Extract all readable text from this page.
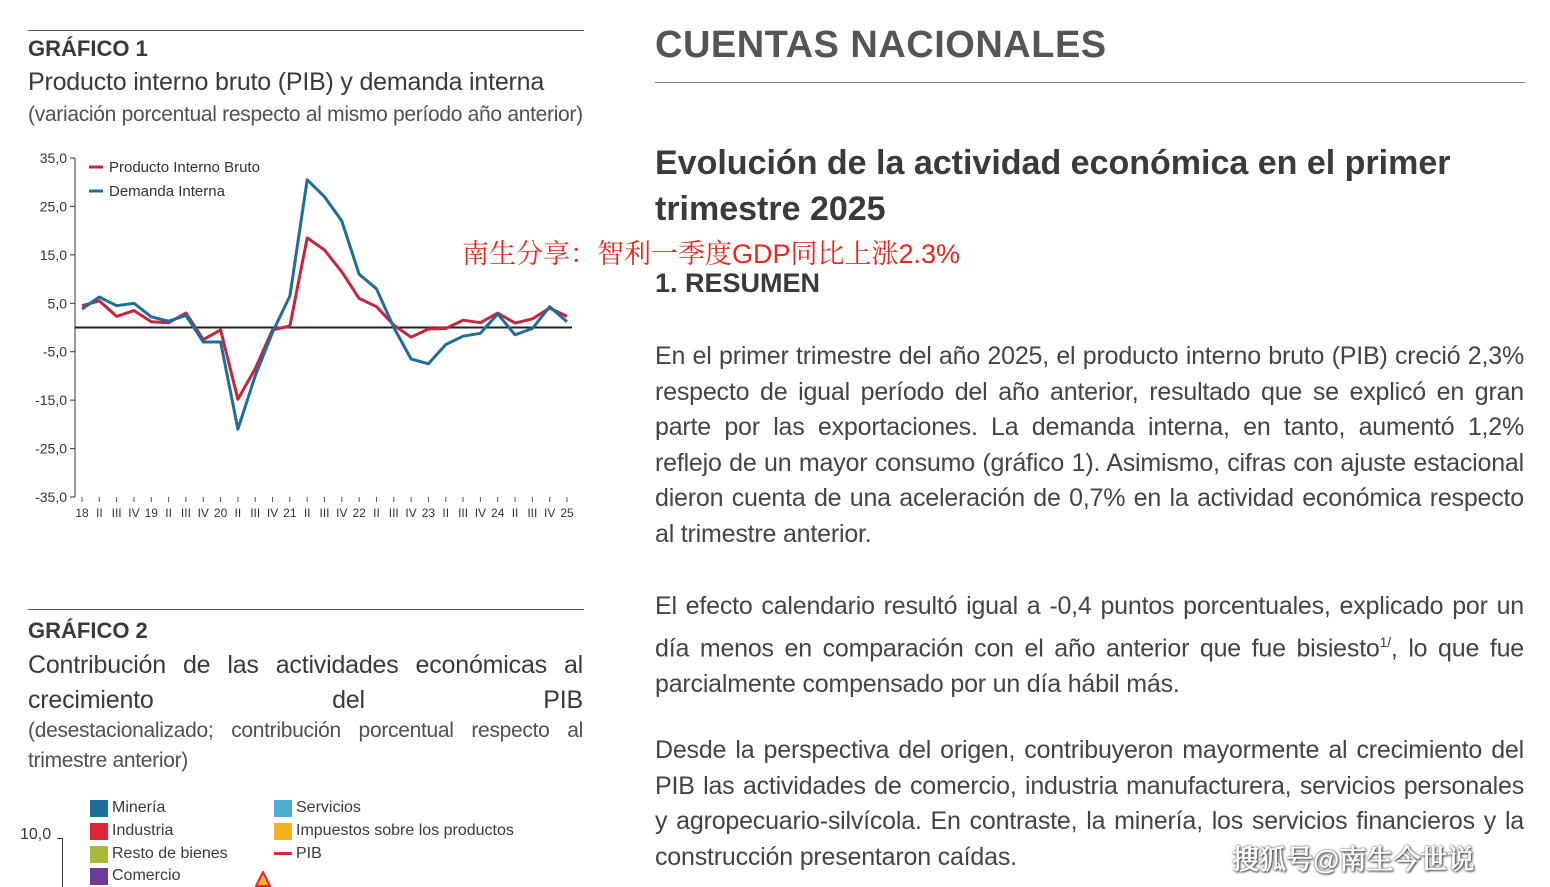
GRÁFICO 1
Producto interno bruto (PIB) y demanda interna
(variación porcentual respecto al mismo período año anterior)
35,0
25,0
15,0
5,0
-5,0
-15,0
-25,0
-35,0
18 II III IV 19 II III IV 20 II III IV 21 II III IV 22 II III IV 23 II III IV 24 II III IV 25
Producto Interno Bruto
Demanda Interna
GRÁFICO 2
Contribución de las actividades económicas al crecimiento del PIB
(desestacionalizado; contribución porcentual respecto al trimestre anterior)
Minería
Industria
Resto de bienes
Comercio
Servicios
Impuestos sobre los productos
PIB
10,0
CUENTAS NACIONALES
Evolución de la actividad económica en el primer
trimestre 2025
南生分享：智利一季度GDP同比上涨2.3%
1. RESUMEN
En el primer trimestre del año 2025, el producto interno bruto (PIB) creció 2,3% respecto de igual período del año anterior, resultado que se explicó en gran parte por las exportaciones. La demanda interna, en tanto, aumentó 1,2% reflejo de un mayor consumo (gráfico 1). Asimismo, cifras con ajuste estacional dieron cuenta de una aceleración de 0,7% en la actividad económica respecto al trimestre anterior.
El efecto calendario resultó igual a -0,4 puntos porcentuales, explicado por un día menos en comparación con el año anterior que fue bisiesto$^{1/}$, lo que fue parcialmente compensado por un día hábil más.
Desde la perspectiva del origen, contribuyeron mayormente al crecimiento del PIB las actividades de comercio, industria manufacturera, servicios personales y agropecuario-silvícola. En contraste, la minería, los servicios financieros y la construcción presentaron caídas.	搜狐号@南生今世说
